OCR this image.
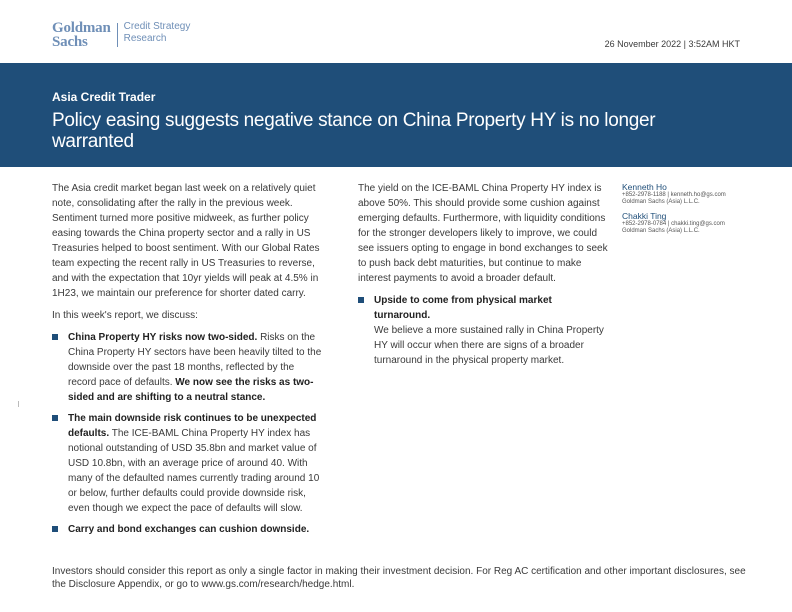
Goldman
Sachs
Credit Strategy
Research	26 November 2022 | 3:52AM HKT
Asia Credit Trader
Policy easing suggests negative stance on China Property HY is no longer warranted

The Asia credit market began last week on a relatively quiet note, consolidating after the rally in the previous week. Sentiment turned more positive midweek, as further policy easing towards the China property sector and a rally in US Treasuries helped to boost sentiment. With our Global Rates team expecting the recent rally in US Treasuries to reverse, and with the expectation that 10yr yields will peak at 4.5% in 1H23, we maintain our preference for shorter dated carry.

In this week's report, we discuss:

China Property HY risks now two-sided. Risks on the China Property HY sectors have been heavily tilted to the downside over the past 18 months, reflected by the record pace of defaults. We now see the risks as two-sided and are shifting to a neutral stance.
The main downside risk continues to be unexpected defaults. The ICE-BAML China Property HY index has notional outstanding of USD 35.8bn and market value of USD 10.8bn, with an average price of around 40. With many of the defaulted names currently trading around 10 or below, further defaults could provide downside risk, even though we expect the pace of defaults will slow.
Carry and bond exchanges can cushion downside.

The yield on the ICE-BAML China Property HY index is above 50%. This should provide some cushion against emerging defaults. Furthermore, with liquidity conditions for the stronger developers likely to improve, we could see issuers opting to engage in bond exchanges to seek to push back debt maturities, but continue to make interest payments to avoid a broader default.

Upside to come from physical market turnaround.
We believe a more sustained rally in China Property HY will occur when there are signs of a broader turnaround in the physical property market.
Kenneth Ho
+852-2978-1188 | kenneth.ho@gs.com
Goldman Sachs (Asia) L.L.C.
Chakki Ting
+852-2978-0784 | chakki.ting@gs.com
Goldman Sachs (Asia) L.L.C.
Investors should consider this report as only a single factor in making their investment decision. For Reg AC certification and other important disclosures, see the Disclosure Appendix, or go to www.gs.com/research/hedge.html.
